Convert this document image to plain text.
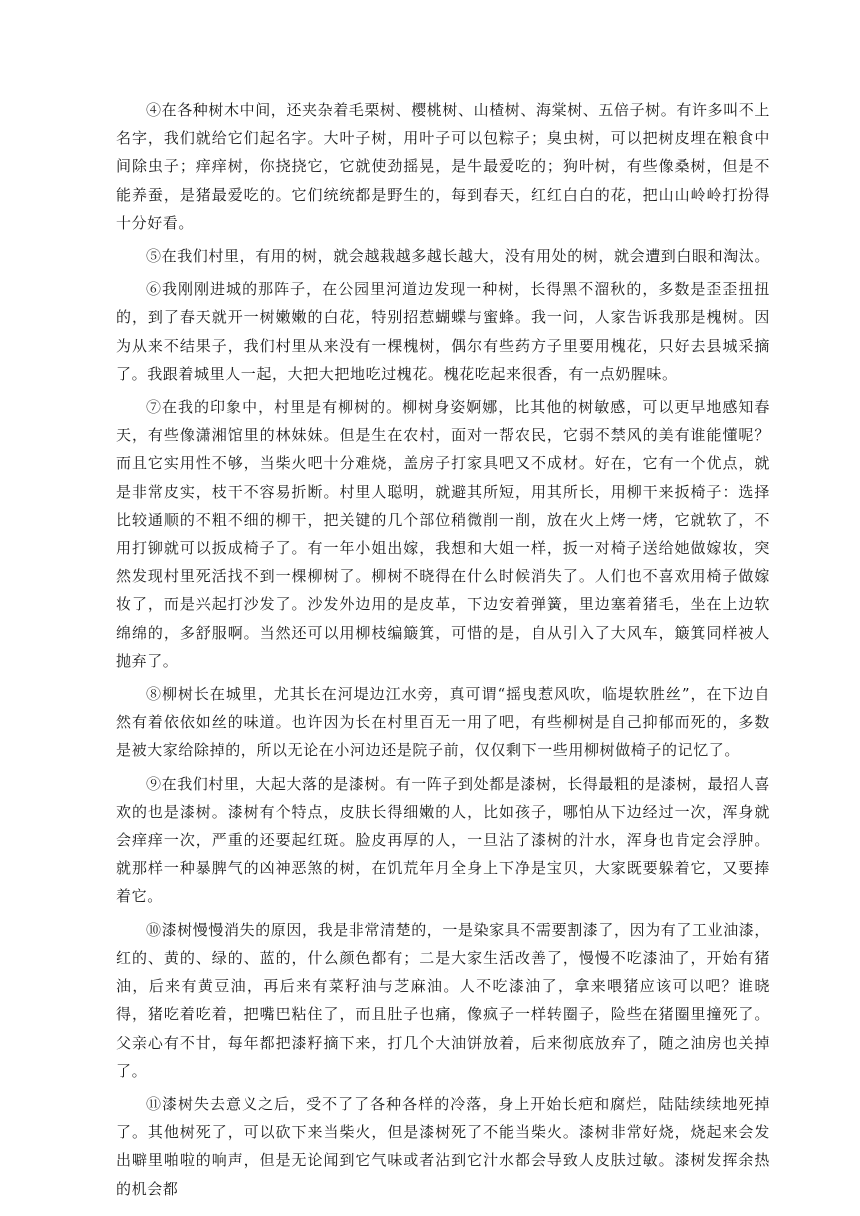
④在各种树木中间，还夹杂着毛栗树、樱桃树、山楂树、海棠树、五倍子树。有许多叫不上名字，我们就给它们起名字。大叶子树，用叶子可以包粽子；臭虫树，可以把树皮埋在粮食中间除虫子；痒痒树，你挠挠它，它就使劲摇晃，是牛最爱吃的；狗叶树，有些像桑树，但是不能养蚕，是猪最爱吃的。它们统统都是野生的，每到春天，红红白白的花，把山山岭岭打扮得十分好看。

⑤在我们村里，有用的树，就会越栽越多越长越大，没有用处的树，就会遭到白眼和淘汰。

⑥我刚刚进城的那阵子，在公园里河道边发现一种树，长得黑不溜秋的，多数是歪歪扭扭的，到了春天就开一树嫩嫩的白花，特别招惹蝴蝶与蜜蜂。我一问，人家告诉我那是槐树。因为从来不结果子，我们村里从来没有一棵槐树，偶尔有些药方子里要用槐花，只好去县城采摘了。我跟着城里人一起，大把大把地吃过槐花。槐花吃起来很香，有一点奶腥味。

⑦在我的印象中，村里是有柳树的。柳树身姿婀娜，比其他的树敏感，可以更早地感知春天，有些像潇湘馆里的林妹妹。但是生在农村，面对一帮农民，它弱不禁风的美有谁能懂呢？而且它实用性不够，当柴火吧十分难烧，盖房子打家具吧又不成材。好在，它有一个优点，就是非常皮实，枝干不容易折断。村里人聪明，就避其所短，用其所长，用柳干来扳椅子：选择比较通顺的不粗不细的柳干，把关键的几个部位稍微削一削，放在火上烤一烤，它就软了，不用打铆就可以扳成椅子了。有一年小姐出嫁，我想和大姐一样，扳一对椅子送给她做嫁妆，突然发现村里死活找不到一棵柳树了。柳树不晓得在什么时候消失了。人们也不喜欢用椅子做嫁妆了，而是兴起打沙发了。沙发外边用的是皮革，下边安着弹簧，里边塞着猪毛，坐在上边软绵绵的，多舒服啊。当然还可以用柳枝编簸箕，可惜的是，自从引入了大风车，簸箕同样被人抛弃了。

⑧柳树长在城里，尤其长在河堤边江水旁，真可谓“摇曳惹风吹，临堤软胜丝”，在下边自然有着依依如丝的味道。也许因为长在村里百无一用了吧，有些柳树是自己抑郁而死的，多数是被大家给除掉的，所以无论在小河边还是院子前，仅仅剩下一些用柳树做椅子的记忆了。

⑨在我们村里，大起大落的是漆树。有一阵子到处都是漆树，长得最粗的是漆树，最招人喜欢的也是漆树。漆树有个特点，皮肤长得细嫩的人，比如孩子，哪怕从下边经过一次，浑身就会痒痒一次，严重的还要起红斑。脸皮再厚的人，一旦沾了漆树的汁水，浑身也肯定会浮肿。就那样一种暴脾气的凶神恶煞的树，在饥荒年月全身上下净是宝贝，大家既要躲着它，又要捧着它。

⑩漆树慢慢消失的原因，我是非常清楚的，一是染家具不需要割漆了，因为有了工业油漆，红的、黄的、绿的、蓝的，什么颜色都有；二是大家生活改善了，慢慢不吃漆油了，开始有猪油，后来有黄豆油，再后来有菜籽油与芝麻油。人不吃漆油了，拿来喂猪应该可以吧？谁晓得，猪吃着吃着，把嘴巴粘住了，而且肚子也痛，像疯子一样转圈子，险些在猪圈里撞死了。父亲心有不甘，每年都把漆籽摘下来，打几个大油饼放着，后来彻底放弃了，随之油房也关掉了。

⑪漆树失去意义之后，受不了了各种各样的冷落，身上开始长疤和腐烂，陆陆续续地死掉了。其他树死了，可以砍下来当柴火，但是漆树死了不能当柴火。漆树非常好烧，烧起来会发出噼里啪啦的响声，但是无论闻到它气味或者沾到它汁水都会导致人皮肤过敏。漆树发挥余热的机会都
